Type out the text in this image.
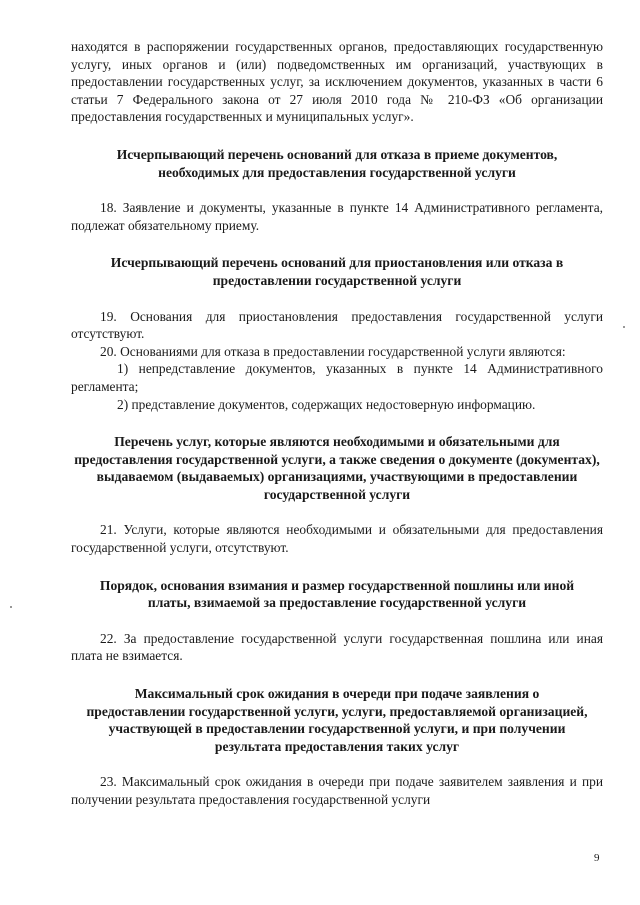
находятся в распоряжении государственных органов, предоставляющих государственную услугу, иных органов и (или) подведомственных им организаций, участвующих в предоставлении государственных услуг, за исключением документов, указанных в части 6 статьи 7 Федерального закона от 27 июля 2010 года № 210-ФЗ «Об организации предоставления государственных и муниципальных услуг».

Исчерпывающий перечень оснований для отказа в приеме документов, необходимых для предоставления государственной услуги

18. Заявление и документы, указанные в пункте 14 Административного регламента, подлежат обязательному приему.

Исчерпывающий перечень оснований для приостановления или отказа в предоставлении государственной услуги

19. Основания для приостановления предоставления государственной услуги отсутствуют.

20. Основаниями для отказа в предоставлении государственной услуги являются:

1) непредставление документов, указанных в пункте 14 Административного регламента;

2) представление документов, содержащих недостоверную информацию.

Перечень услуг, которые являются необходимыми и обязательными для предоставления государственной услуги, а также сведения о документе (документах), выдаваемом (выдаваемых) организациями, участвующими в предоставлении государственной услуги

21. Услуги, которые являются необходимыми и обязательными для предоставления государственной услуги, отсутствуют.

Порядок, основания взимания и размер государственной пошлины или иной платы, взимаемой за предоставление государственной услуги

22. За предоставление государственной услуги государственная пошлина или иная плата не взимается.

Максимальный срок ожидания в очереди при подаче заявления о предоставлении государственной услуги, услуги, предоставляемой организацией, участвующей в предоставлении государственной услуги, и при получении результата предоставления таких услуг

23. Максимальный срок ожидания в очереди при подаче заявителем заявления и при получении результата предоставления государственной услуги

9
